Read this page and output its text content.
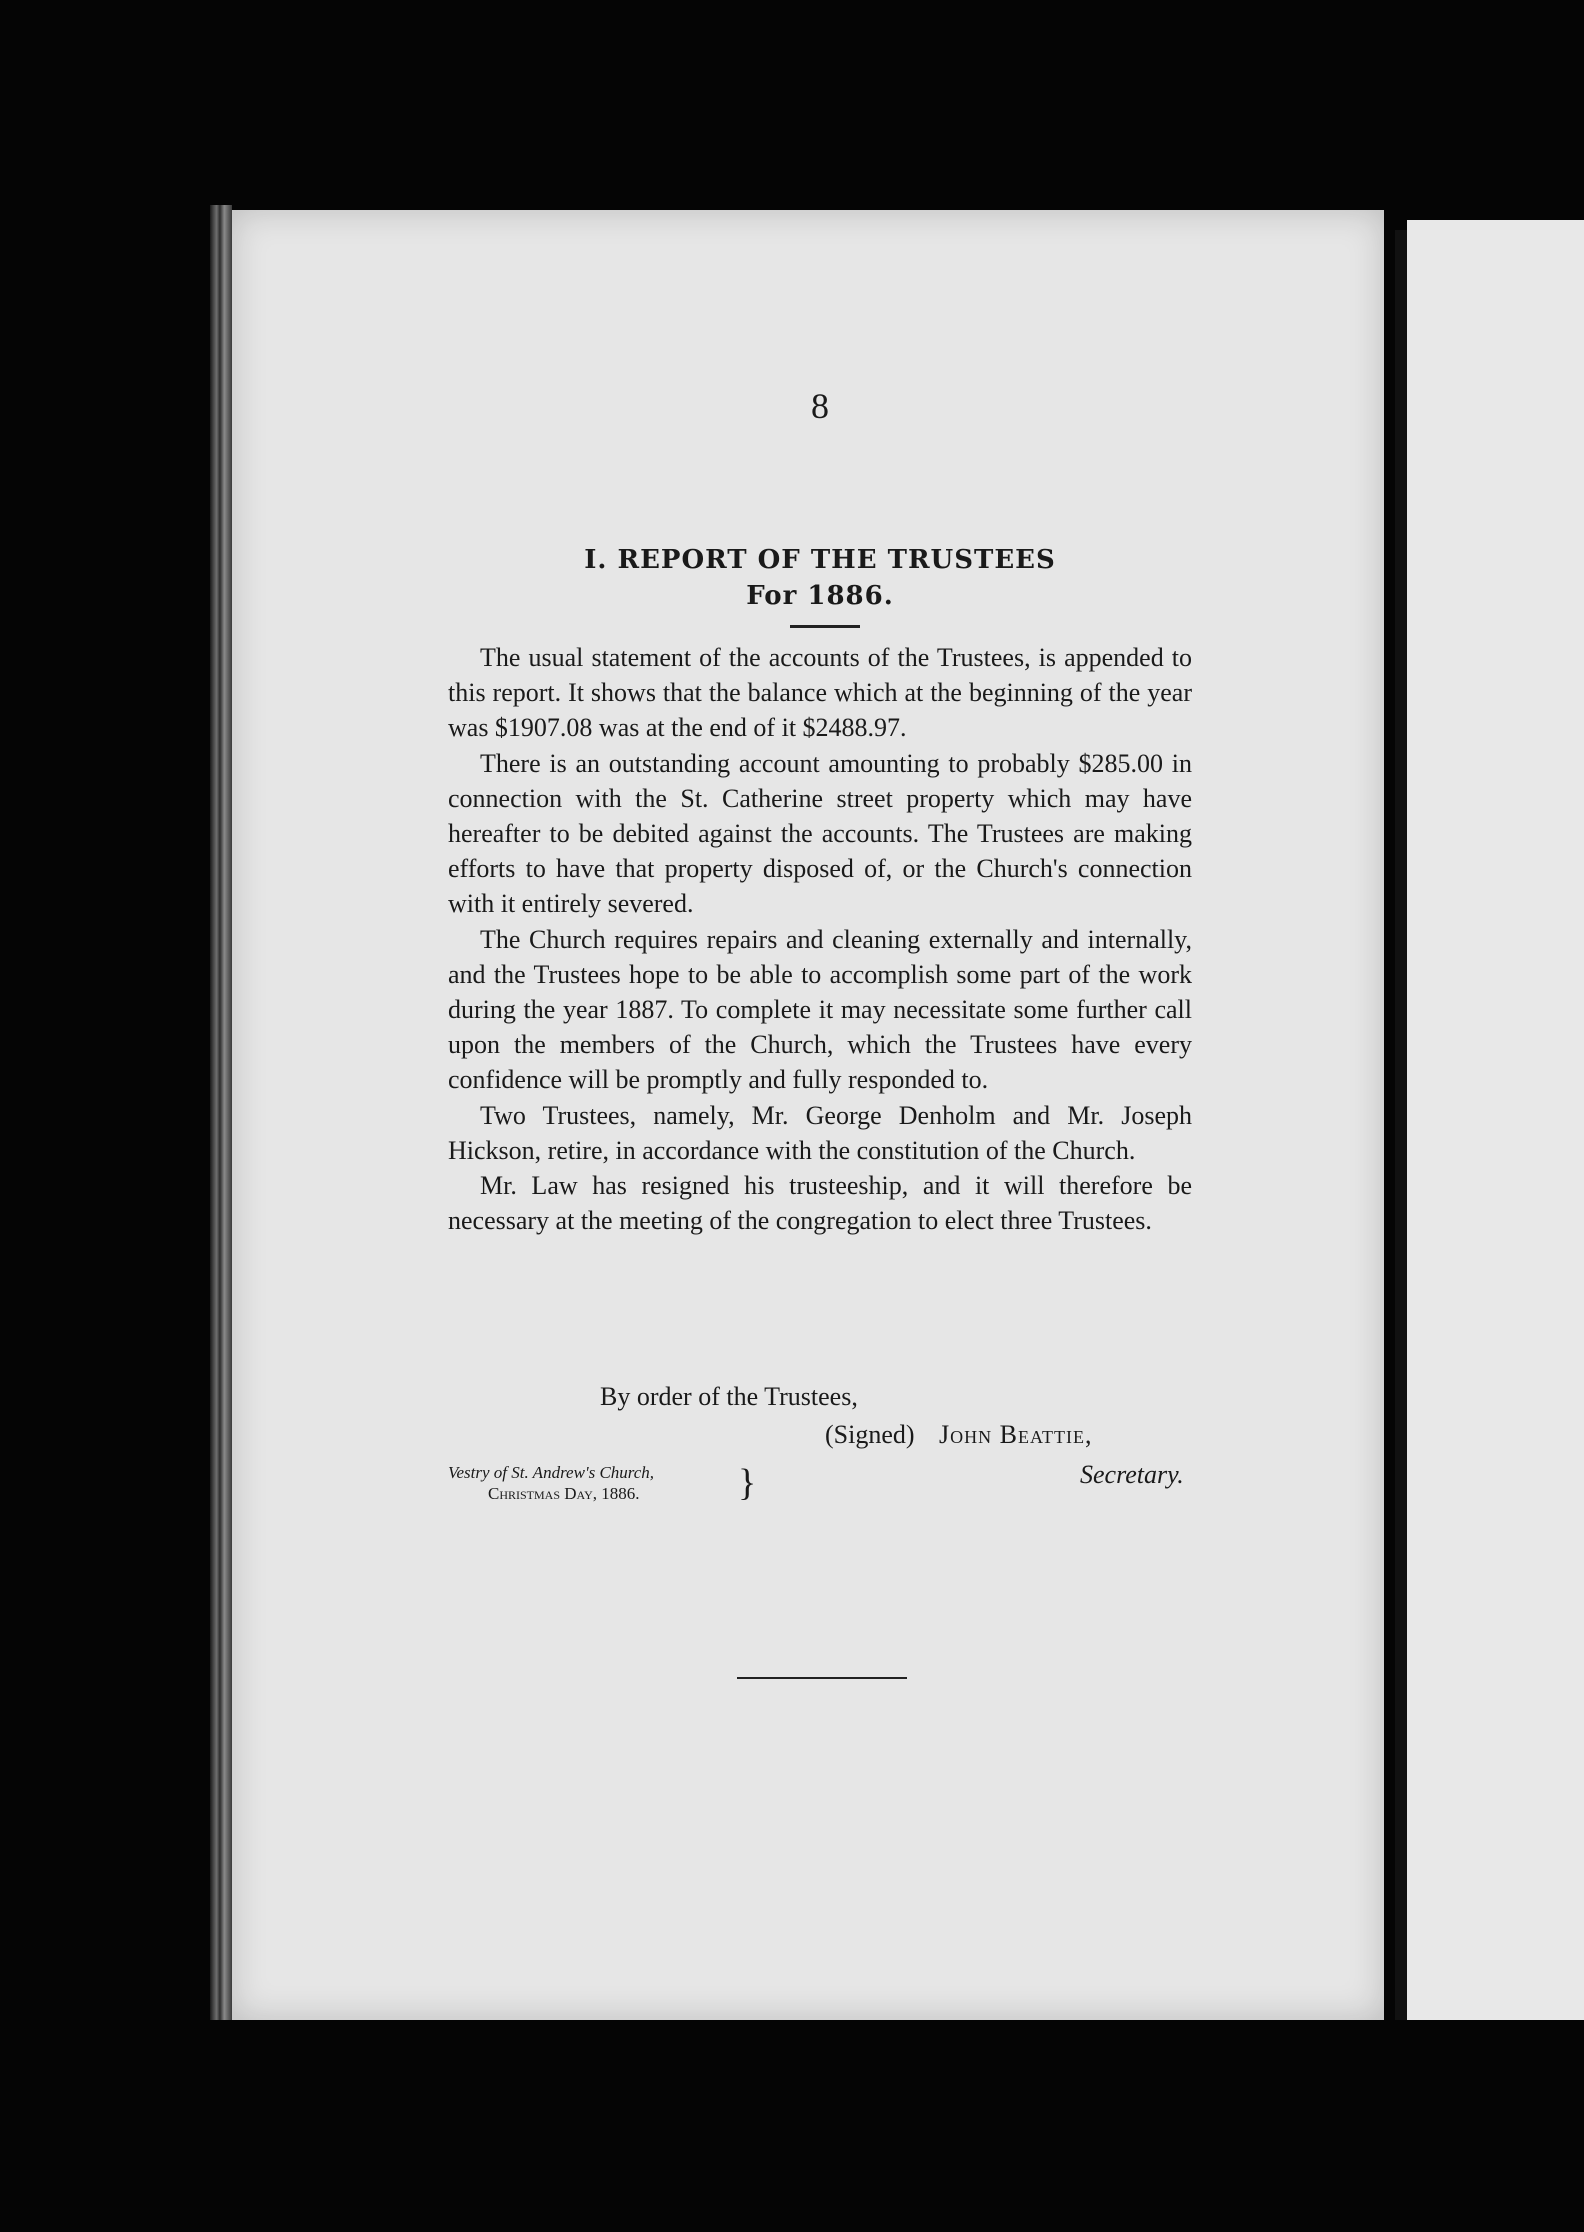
8
I. REPORT OF THE TRUSTEES
For 1886.

The usual statement of the accounts of the Trustees, is appended to this report. It shows that the balance which at the beginning of the year was $1907.08 was at the end of it $2488.97.

There is an outstanding account amounting to probably $285.00 in connection with the St. Catherine street property which may have hereafter to be debited against the accounts. The Trustees are making efforts to have that property disposed of, or the Church's connection with it entirely severed.

The Church requires repairs and cleaning externally and internally, and the Trustees hope to be able to accomplish some part of the work during the year 1887. To complete it may necessitate some further call upon the members of the Church, which the Trustees have every confidence will be promptly and fully responded to.

Two Trustees, namely, Mr. George Denholm and Mr. Joseph Hickson, retire, in accordance with the constitution of the Church.

Mr. Law has resigned his trusteeship, and it will therefore be necessary at the meeting of the congregation to elect three Trustees.

By order of the Trustees,
(Signed) John Beattie,
Secretary.
Vestry of St. Andrew's Church,
Christmas Day, 1886.	}
